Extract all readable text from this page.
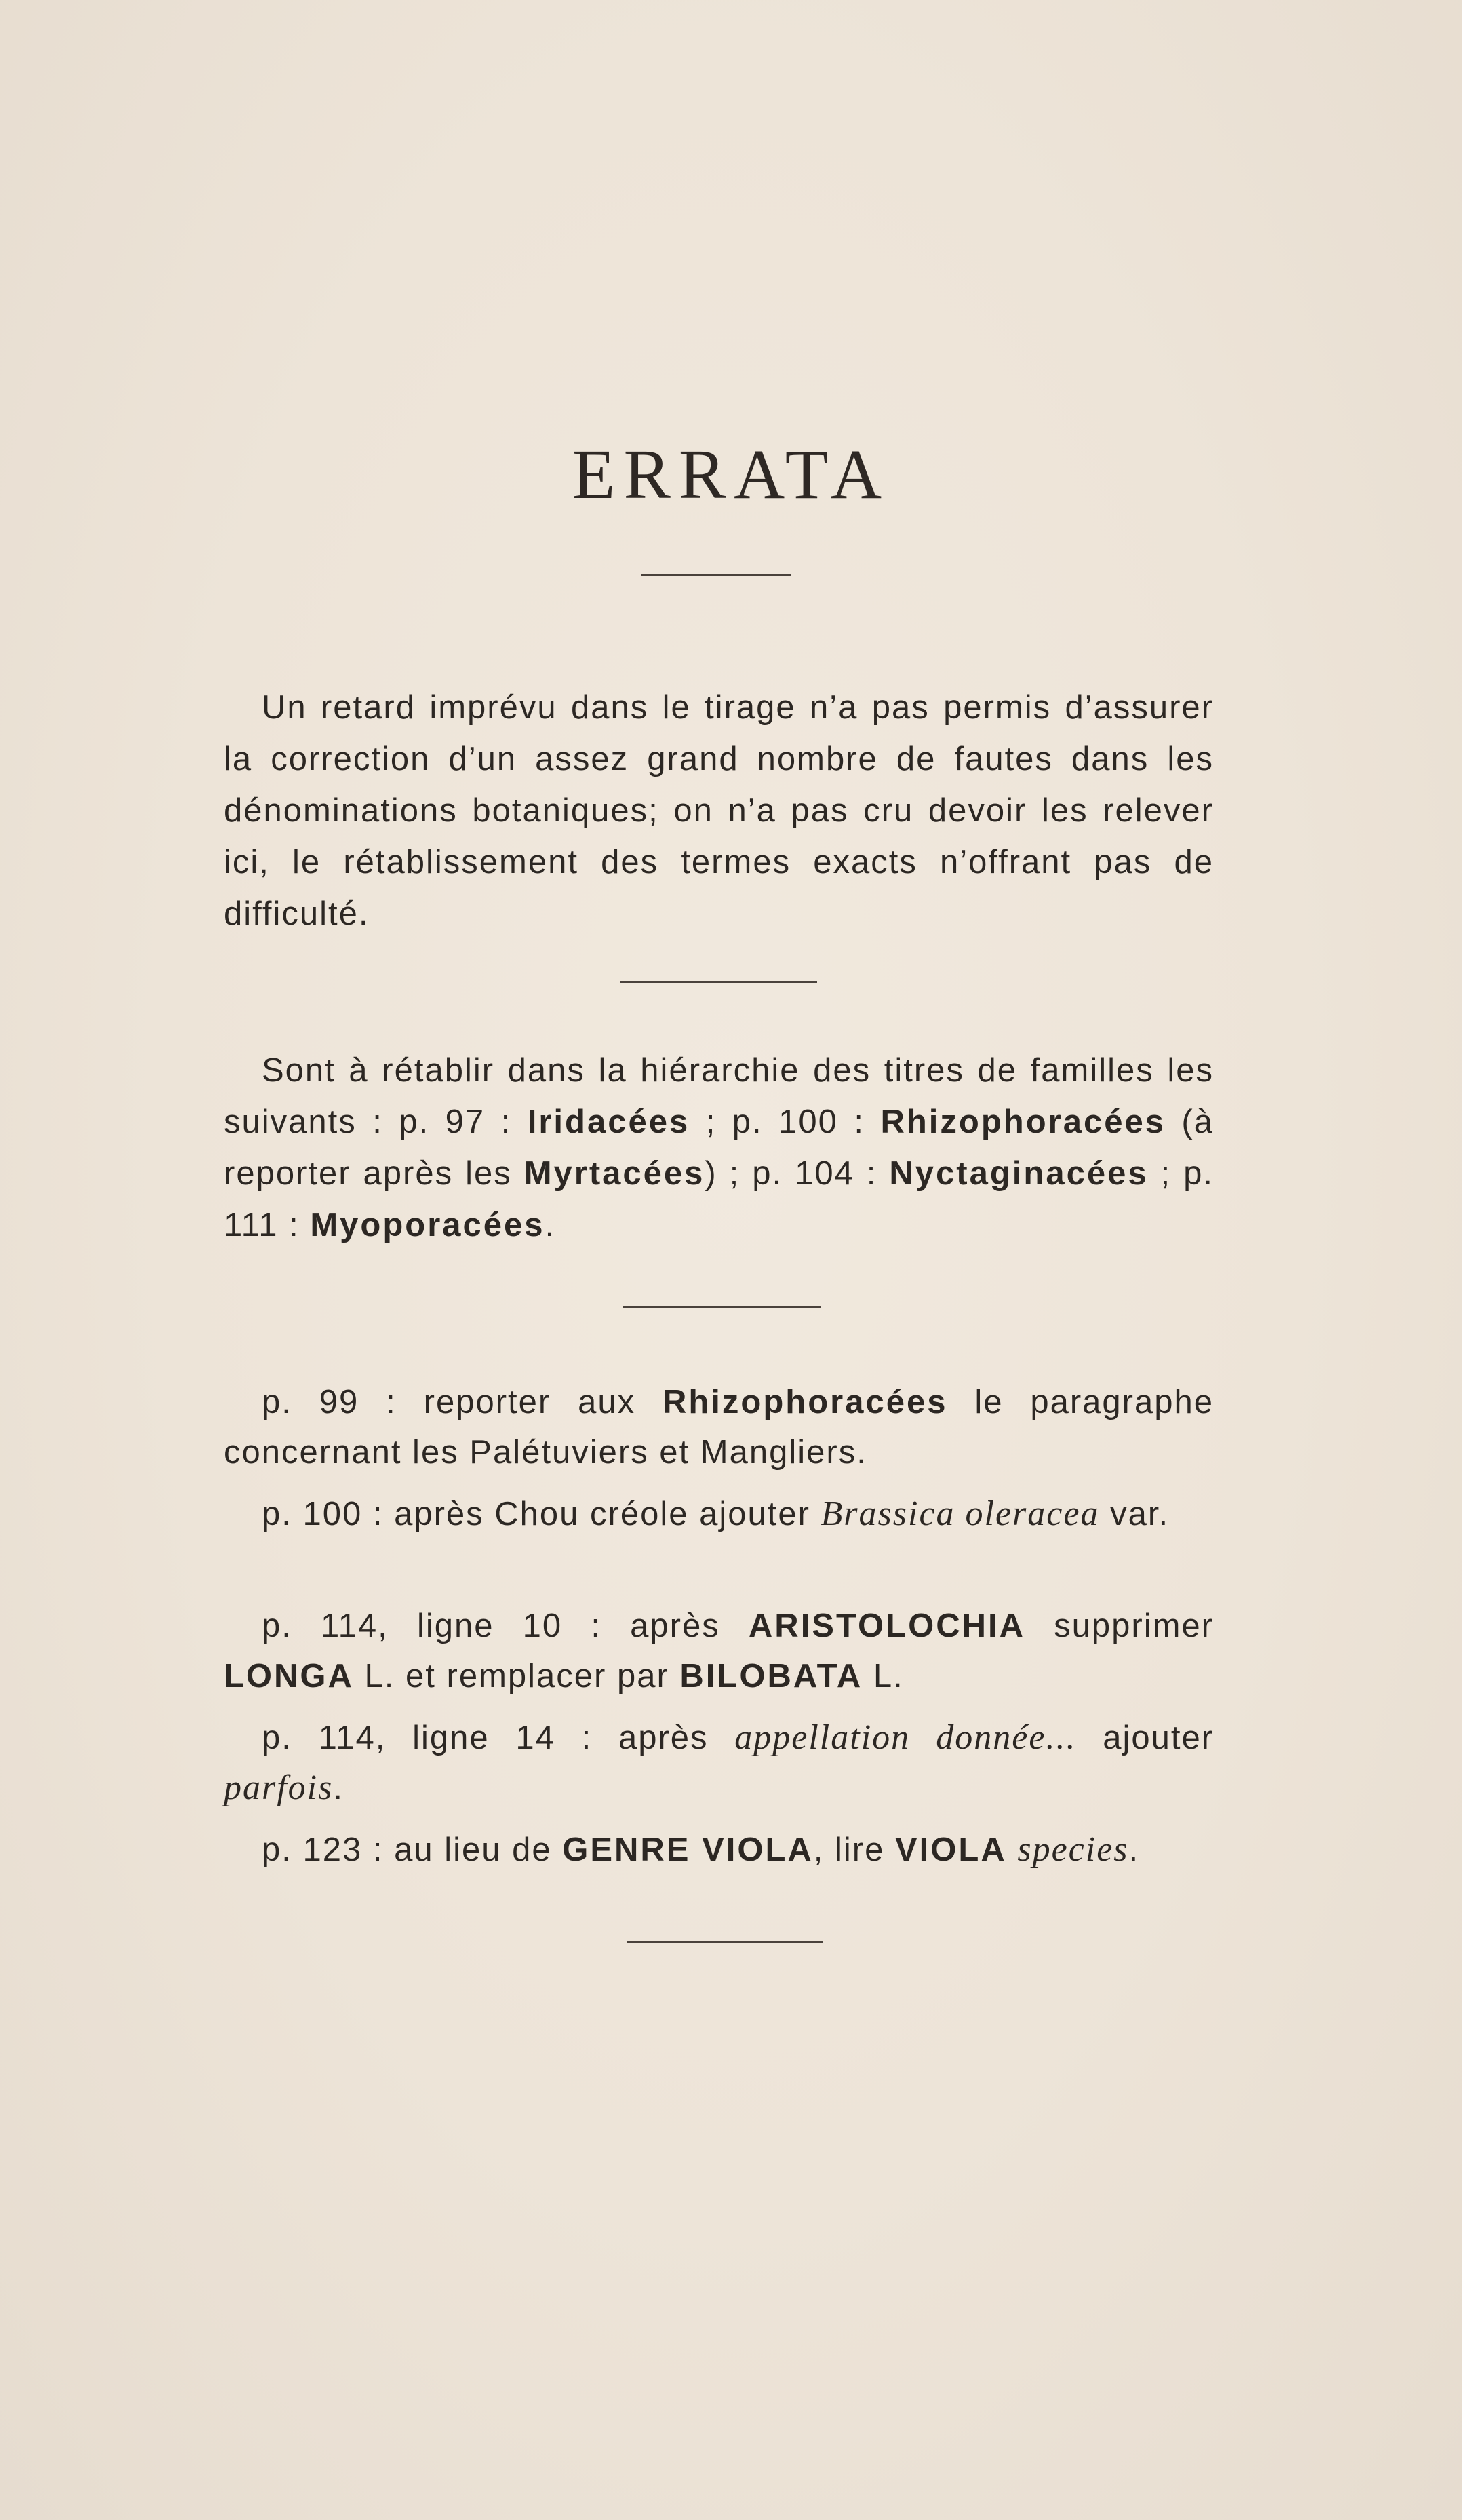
ERRATA
Un retard imprévu dans le tirage n’a pas permis d’assurer la correction d’un assez grand nombre de fautes dans les dénominations botaniques; on n’a pas cru devoir les relever ici, le rétablissement des termes exacts n’offrant pas de difficulté.
Sont à rétablir dans la hiérarchie des titres de familles les suivants : p. 97 : Iridacées ; p. 100 : Rhizophoracées (à reporter après les Myrtacées) ; p. 104 : Nyctaginacées ; p. 111 : Myoporacées.
p. 99 : reporter aux Rhizophoracées le paragraphe concernant les Palétuviers et Mangliers.
p. 100 : après Chou créole ajouter Brassica oleracea var.
p. 114, ligne 10 : après ARISTOLOCHIA supprimer LONGA L. et remplacer par BILOBATA L.
p. 114, ligne 14 : après appellation donnée... ajouter parfois.
p. 123 : au lieu de GENRE VIOLA, lire VIOLA species.
